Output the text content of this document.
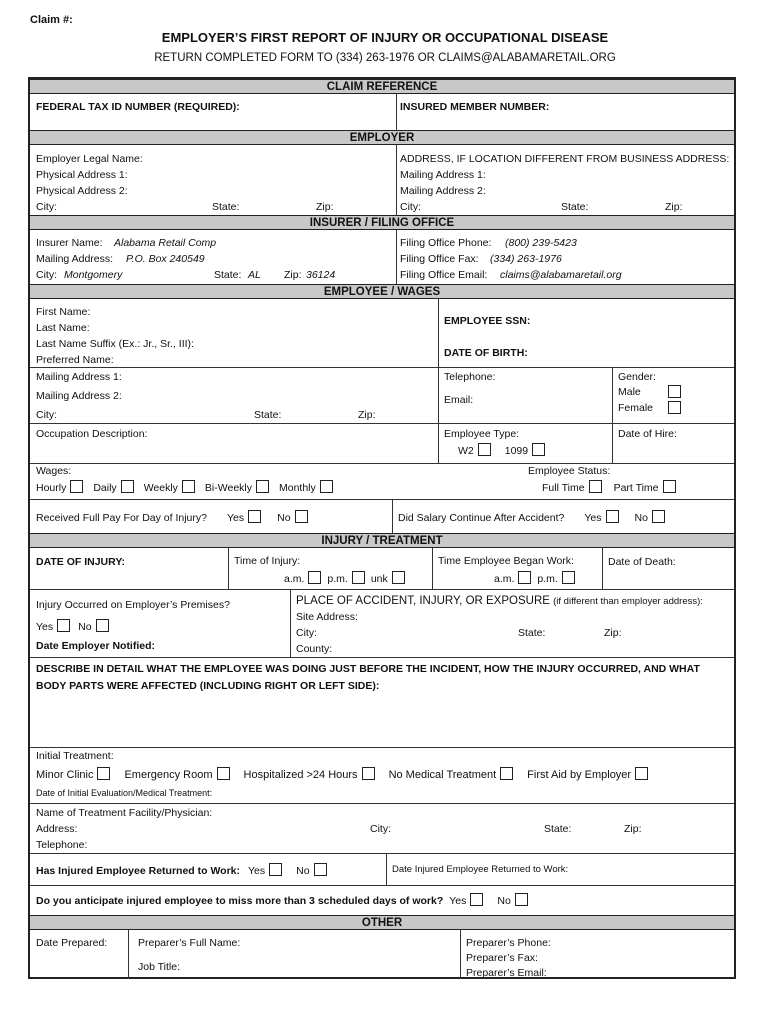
Claim #:
EMPLOYER’S FIRST REPORT OF INJURY OR OCCUPATIONAL DISEASE
RETURN COMPLETED FORM TO (334) 263-1976 OR CLAIMS@ALABAMARETAIL.ORG
CLAIM REFERENCE
FEDERAL TAX ID NUMBER (REQUIRED):	INSURED MEMBER NUMBER:
EMPLOYER
Employer Legal Name:
Physical Address 1:
Physical Address 2:
City:	State:	Zip:
ADDRESS, IF LOCATION DIFFERENT FROM BUSINESS ADDRESS:
Mailing Address 1:
Mailing Address 2:
City:	State:	Zip:
INSURER / FILING OFFICE
Insurer Name: Alabama Retail Comp
Mailing Address: P.O. Box 240549
City: Montgomery	State: AL Zip: 36124
Filing Office Phone: (800) 239-5423
Filing Office Fax: (334) 263-1976
Filing Office Email: claims@alabamaretail.org
EMPLOYEE / WAGES
First Name:
Last Name:
Last Name Suffix (Ex.: Jr., Sr., III):
Preferred Name:
EMPLOYEE SSN:
DATE OF BIRTH:
Mailing Address 1:
Mailing Address 2:
City:	State:	Zip:
Telephone:
Email:
Gender:
Male
Female
Occupation Description:	Employee Type:
W2	1099
Date of Hire:
Wages:
Hourly	Daily	Weekly	Bi-Weekly	Monthly
Employee Status:
Full Time	Part Time
Received Full Pay For Day of Injury? Yes	No	Did Salary Continue After Accident? Yes	No
INJURY / TREATMENT
DATE OF INJURY:	Time of Injury:
a.m. p.m. unk
Time Employee Began Work:
a.m. p.m.
Date of Death:
Injury Occurred on Employer’s Premises?
Yes No
Date Employer Notified:
PLACE OF ACCIDENT, INJURY, OR EXPOSURE (if different than employer address):
Site Address:
City:	State:	Zip:
County:
DESCRIBE IN DETAIL WHAT THE EMPLOYEE WAS DOING JUST BEFORE THE INCIDENT, HOW THE INJURY OCCURRED, AND WHAT
BODY PARTS WERE AFFECTED (INCLUDING RIGHT OR LEFT SIDE):
Initial Treatment:
Minor Clinic	Emergency Room	Hospitalized >24 Hours	No Medical Treatment	First Aid by Employer
Date of Initial Evaluation/Medical Treatment:
Name of Treatment Facility/Physician:
Address:	City:	State:	Zip:
Telephone:
Has Injured Employee Returned to Work: Yes	No	Date Injured Employee Returned to Work:
Do you anticipate injured employee to miss more than 3 scheduled days of work? Yes	No
OTHER
Date Prepared:	Preparer’s Full Name:
Job Title:
Preparer’s Phone:
Preparer’s Fax:
Preparer’s Email:
